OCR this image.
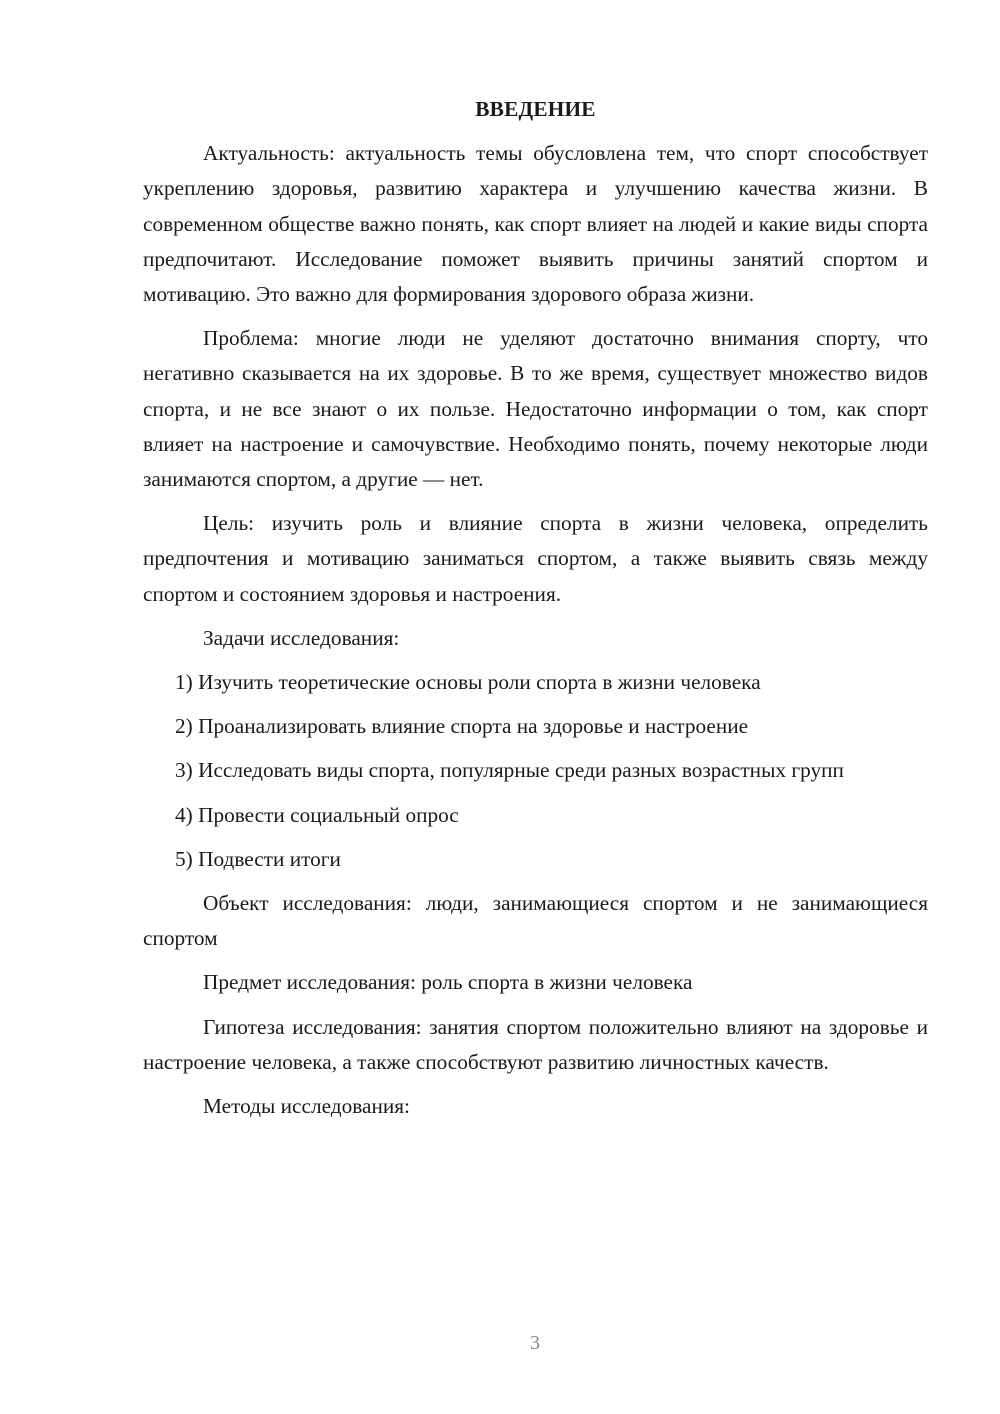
ВВЕДЕНИЕ

Актуальность: актуальность темы обусловлена тем, что спорт способствует укреплению здоровья, развитию характера и улучшению качества жизни. В современном обществе важно понять, как спорт влияет на людей и какие виды спорта предпочитают. Исследование поможет выявить причины занятий спортом и мотивацию. Это важно для формирования здорового образа жизни.

Проблема: многие люди не уделяют достаточно внимания спорту, что негативно сказывается на их здоровье. В то же время, существует множество видов спорта, и не все знают о их пользе. Недостаточно информации о том, как спорт влияет на настроение и самочувствие. Необходимо понять, почему некоторые люди занимаются спортом, а другие — нет.

Цель: изучить роль и влияние спорта в жизни человека, определить предпочтения и мотивацию заниматься спортом, а также выявить связь между спортом и состоянием здоровья и настроения.

Задачи исследования:

1) Изучить теоретические основы роли спорта в жизни человека

2) Проанализировать влияние спорта на здоровье и настроение

3) Исследовать виды спорта, популярные среди разных возрастных групп

4) Провести социальный опрос

5) Подвести итоги

Объект исследования: люди, занимающиеся спортом и не занимающиеся спортом

Предмет исследования: роль спорта в жизни человека

Гипотеза исследования: занятия спортом положительно влияют на здоровье и настроение человека, а также способствуют развитию личностных качеств.

Методы исследования:

3
